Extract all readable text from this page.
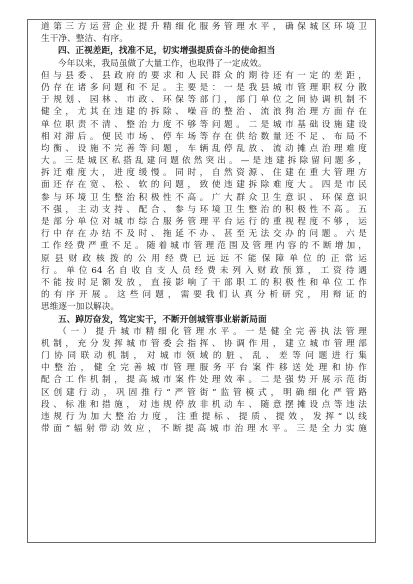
道第三方运营企业提升精细化服务管理水平，确保城区环境卫
生干净、整洁、有序。
四、正视差距，找准不足，切实增强提质奋斗的使命担当
今年以来，我局虽做了大量工作，也取得了一定成效。
但与县委、县政府的要求和人民群众的期待还有一定的差距，
仍存在诸多问题和不足。主要是：一是我县城市管理职权分散
于规划、园林、市政、环保等部门，部门单位之间协调机制不
健全，尤其在违建的拆除、噪音的整治、流浪狗治理方面存在
单位职责不清、整治力度不够等问题。二是城市基础设施建设
相对滞后。便民市场、停车场等存在供给数量还不足、布局不
均衡、设施不完善等问题，车辆乱停乱放、流动摊点治理难度
大。三是城区私搭乱建问题依然突出。—是违建拆除留问题多，
拆迁难度大，进度缓慢。同时，自然资源、住建在重大管理方
面还存在宽、松、软的问题，致使违建拆除难度大。四是市民
参与环境卫生整治积极性不高。广大群众卫生意识、环保意识
不强，主动支持、配合、参与环境卫生整治的积极性不高。五
是部分单位对城市综合服务管理平台运行的重视程度不够，运
行中存在办结不及时、拖延不办、甚至无法交办的问题。六是
工作经费严重不足。随着城市管理范围及管理内容的不断增加，
原县财政核拨的公用经费已远远不能保障单位的正常运
行。单位64名自收自支人员经费未列入财政预算，工资待遇
不能按时足额发放，直接影响了干部职工的积极性和单位工作
的有序开展。这些问题，需要我们认真分析研究，用辩证的
思维逐一加以解决。
五、踔厉奋发，笃定实干，不断开创城管事业崭新局面
（一）提升城市精细化管理水平。一是健全完善执法管理
机制，充分发挥城市管委会指挥、协调作用，建立城市管理部
门协同联动机制，对城市领域的脏、乱、差等问题进行集
中整治，健全完善城市管理服务平台案件移送处理和协作
配合工作机制，提高城市案件处理效率。二是强势开展示范街
区创建行动，巩固推行“严管街”监管模式，明确细化严管路
段、标准和措施，对违规停放非机动车、随意摆摊设点等违法
违规行为加大整治力度，注重提标、提质、提效，发挥“以线
带面”辐射带动效应，不断提高城市治理水平。三是全力实施
